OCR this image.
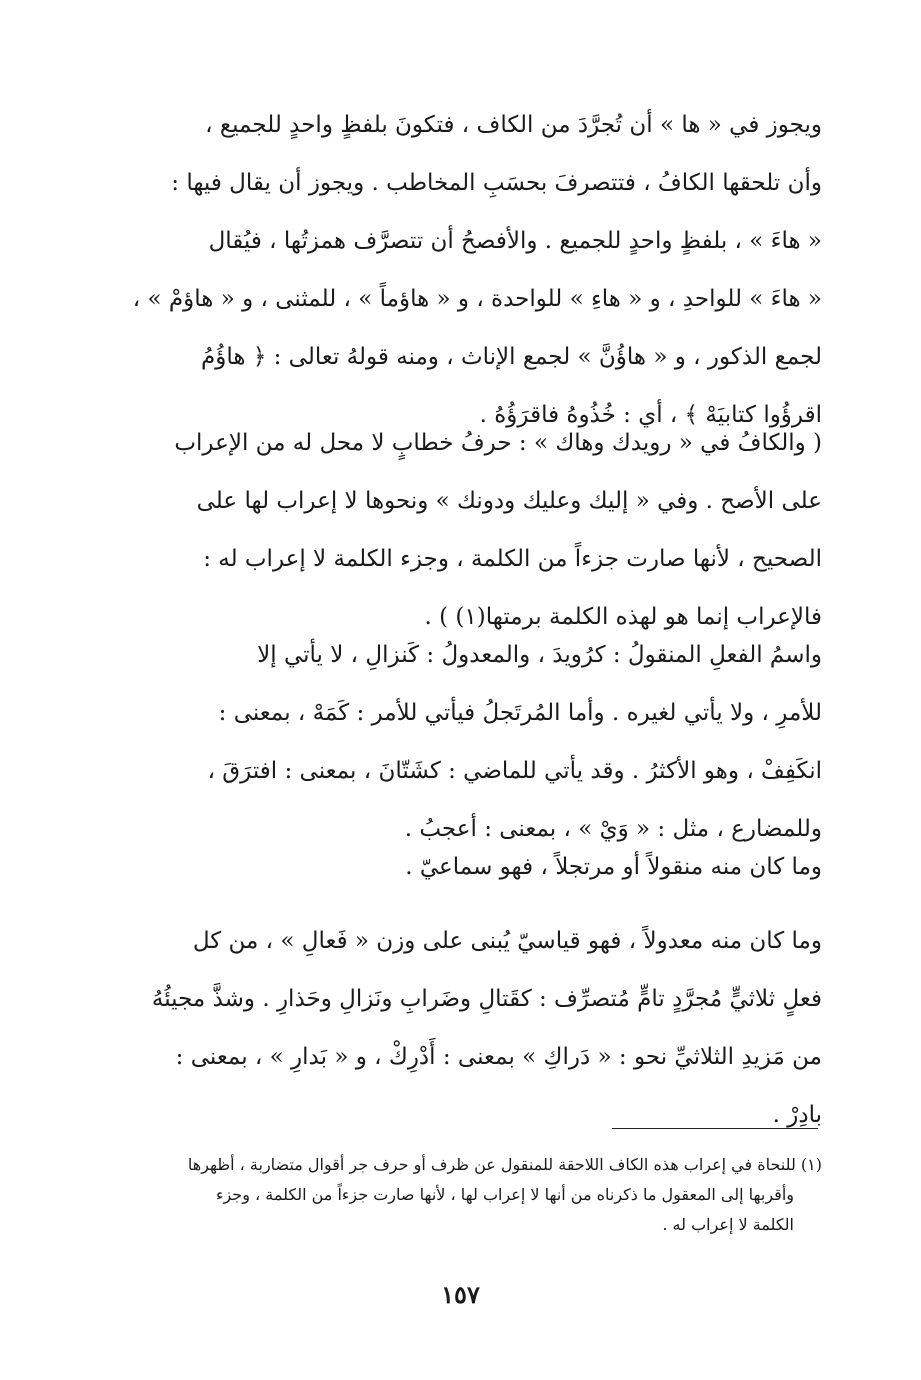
ويجوز في « ها » أن تُجرَّدَ من الكاف ، فتكونَ بلفظٍ واحدٍ للجميع ،
وأن تلحقها الكافُ ، فتتصرفَ بحسَبِ المخاطب . ويجوز أن يقال فيها :
« هاءَ » ، بلفظٍ واحدٍ للجميع . والأفصحُ أن تتصرَّف همزتُها ، فيُقال
« هاءَ » للواحدِ ، و « هاءِ » للواحدة ، و « هاؤماً » ، للمثنى ، و « هاؤمْ » ،
لجمع الذكور ، و « هاؤُنَّ » لجمع الإناث ، ومنه قولهُ تعالى : ﴿ هاؤُمُ
اقرؤُوا كتابيَهْ ﴾ ، أي : خُذُوهُ فاقرَؤُهُ .

( والكافُ في « رويدك وهاك » : حرفُ خطابٍ لا محل له من الإعراب
على الأصح . وفي « إليك وعليك ودونك » ونحوها لا إعراب لها على
الصحيح ، لأنها صارت جزءاً من الكلمة ، وجزء الكلمة لا إعراب له :
فالإعراب إنما هو لهذه الكلمة برمتها(١) ) .

واسمُ الفعلِ المنقولُ : كرُويدَ ، والمعدولُ : كَنزالِ ، لا يأتي إلا
للأمرِ ، ولا يأتي لغيره . وأما المُرتَجلُ فيأتي للأمر : كَمَهْ ، بمعنى :
انكَفِفْ ، وهو الأكثرُ . وقد يأتي للماضي : كشَتّانَ ، بمعنى : افترَقَ ،
وللمضارع ، مثل : « وَيْ » ، بمعنى : أعجبُ .

وما كان منه منقولاً أو مرتجلاً ، فهو سماعيّ .

وما كان منه معدولاً ، فهو قياسيّ يُبنى على وزن « فَعالِ » ، من كل
فعلٍ ثلاثيٍّ مُجرَّدٍ تامٍّ مُتصرِّف : كقَتالِ وضَرابِ ونَزالِ وحَذارِ . وشذَّ مجيئُهُ
من مَزيدِ الثلاثيِّ نحو : « دَراكِ » بمعنى : أَدْرِكْ ، و « بَدارِ » ، بمعنى :
بادِرْ .

(١) للنحاة في إعراب هذه الكاف اللاحقة للمنقول عن ظرف أو حرف جر أقوال متضاربة ، أظهرها
وأقربها إلى المعقول ما ذكرناه من أنها لا إعراب لها ، لأنها صارت جزءاً من الكلمة ، وجزء
الكلمة لا إعراب له .
١٥٧
